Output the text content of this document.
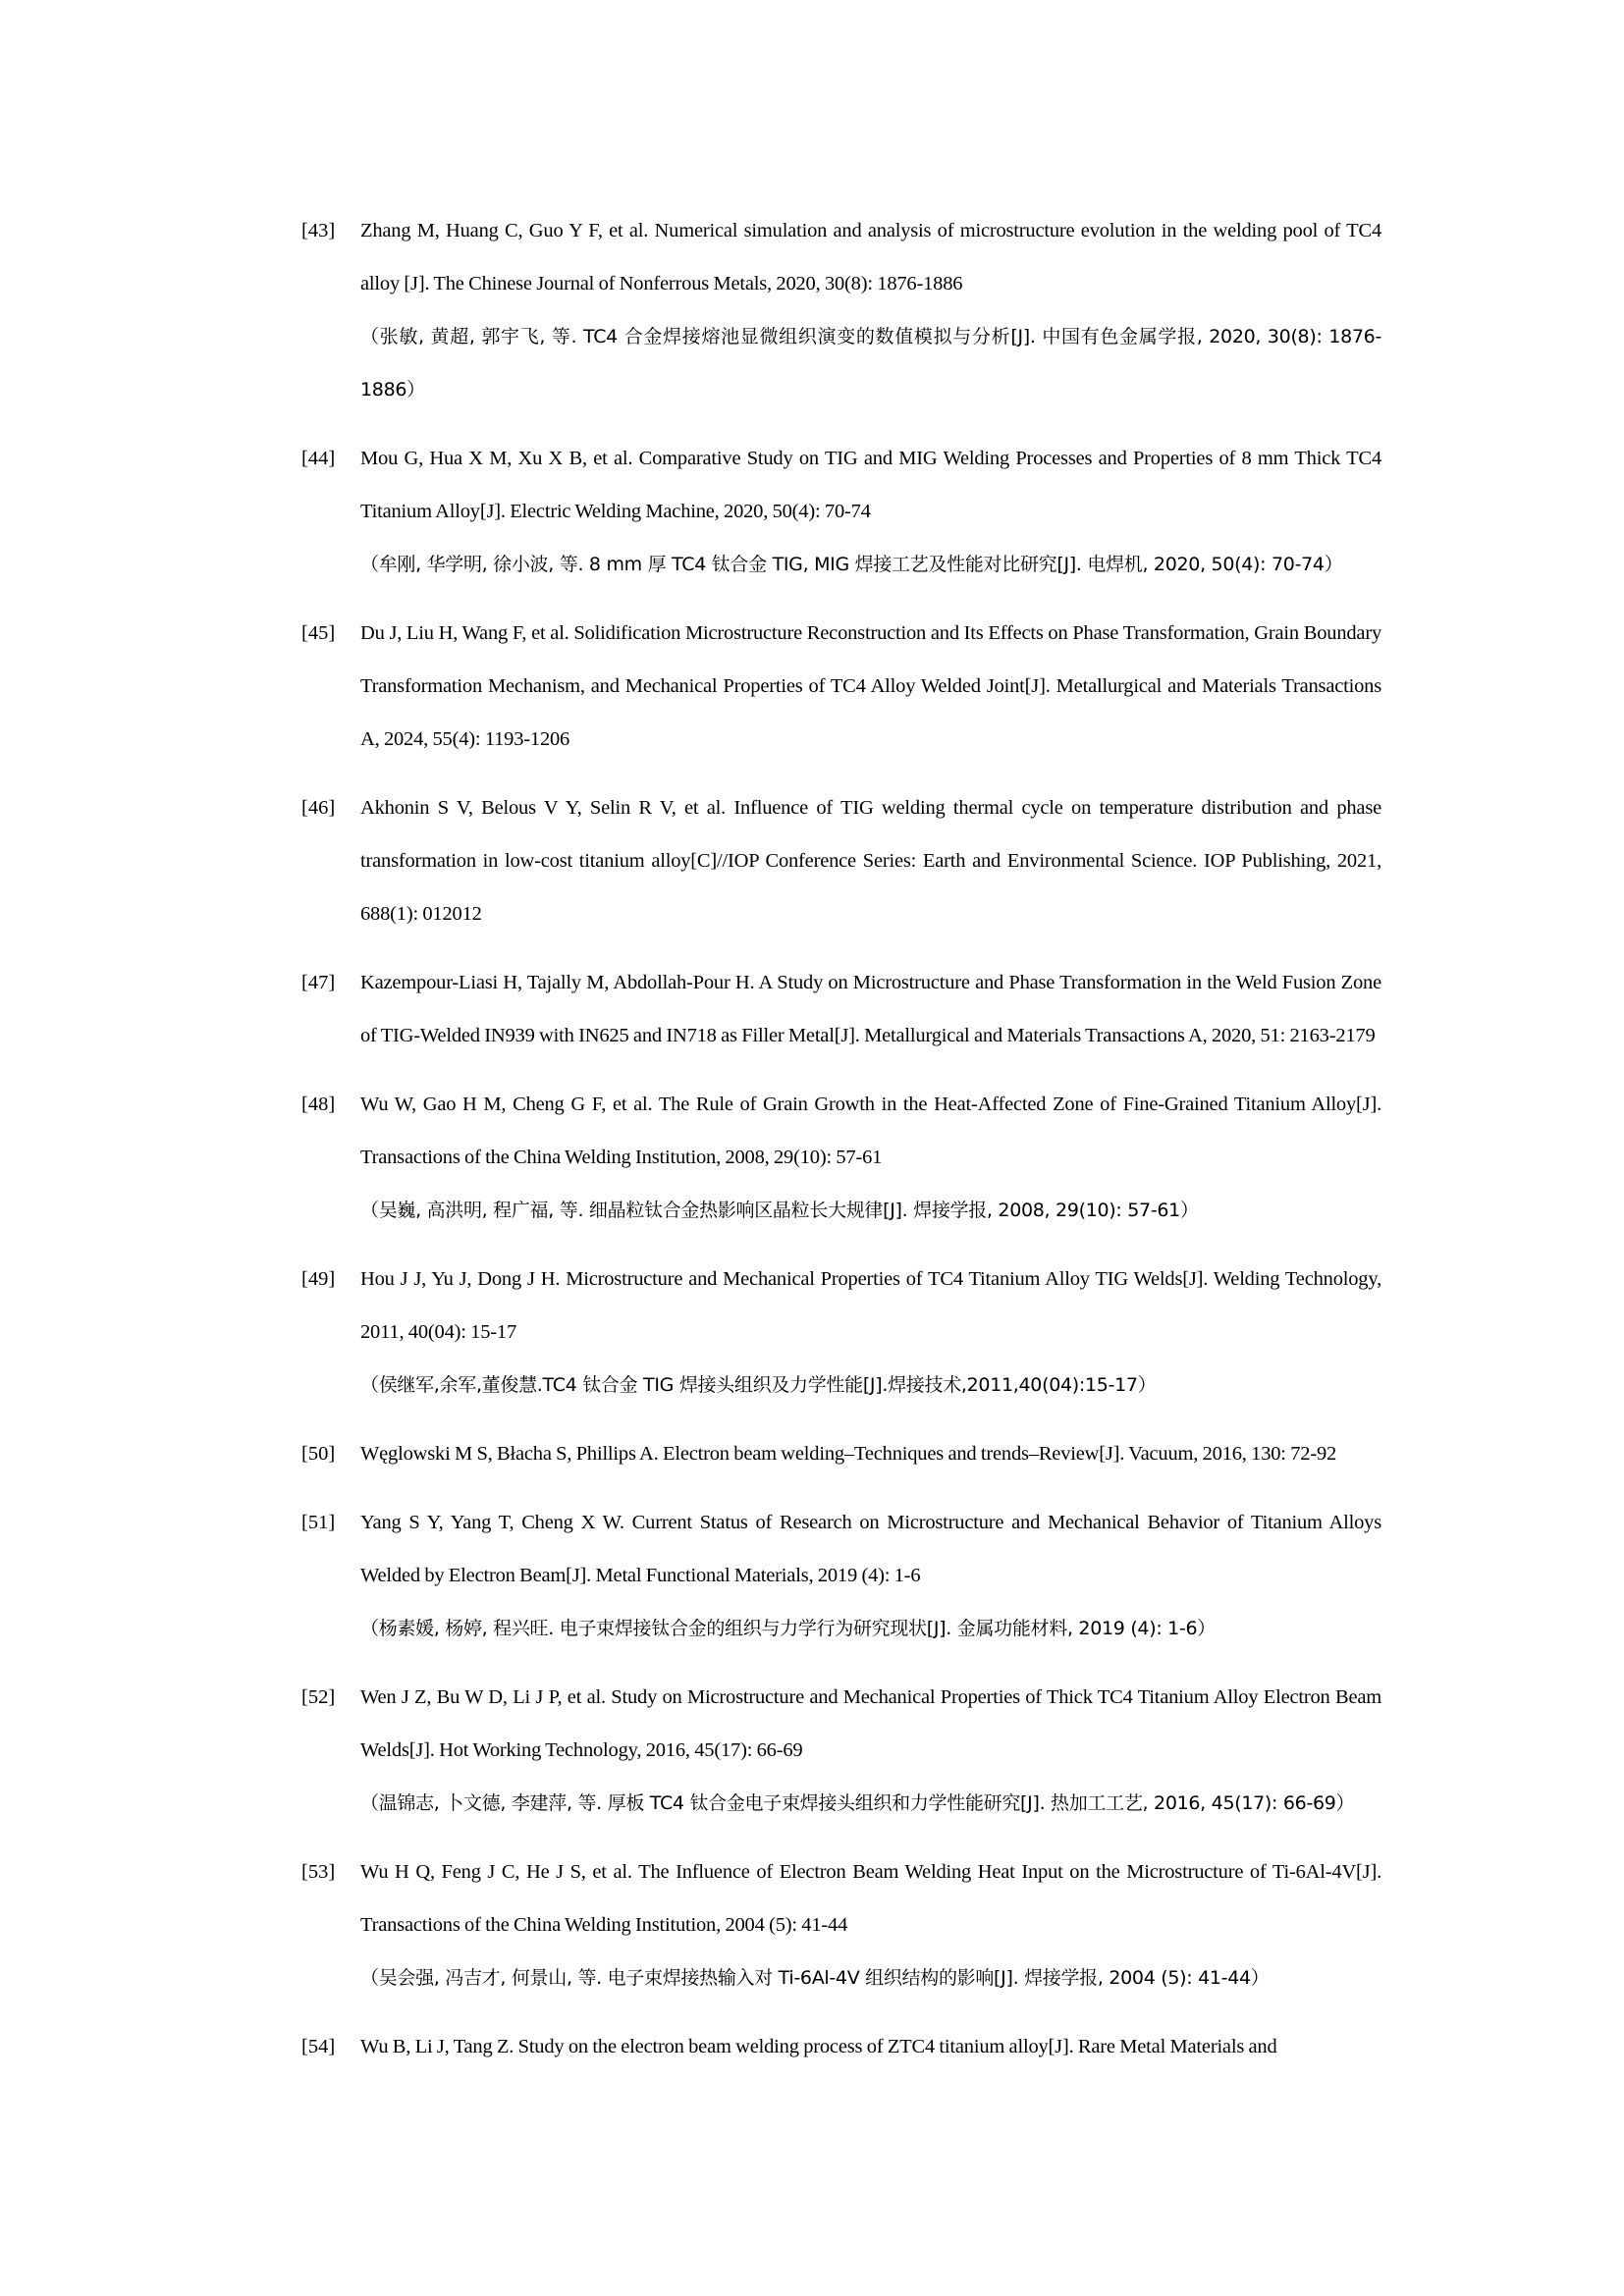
[43]	Zhang M, Huang C, Guo Y F, et al. Numerical simulation and analysis of microstructure evolution in the welding pool of TC4 alloy [J]. The Chinese Journal of Nonferrous Metals, 2020, 30(8): 1876-1886
（张敏, 黄超, 郭宇飞, 等. TC4 合金焊接熔池显微组织演变的数值模拟与分析[J]. 中国有色金属学报, 2020, 30(8): 1876-1886）
[44]	Mou G, Hua X M, Xu X B, et al. Comparative Study on TIG and MIG Welding Processes and Properties of 8 mm Thick TC4 Titanium Alloy[J]. Electric Welding Machine, 2020, 50(4): 70-74
（牟刚, 华学明, 徐小波, 等. 8 mm 厚 TC4 钛合金 TIG, MIG 焊接工艺及性能对比研究[J]. 电焊机, 2020, 50(4): 70-74）
[45]	Du J, Liu H, Wang F, et al. Solidification Microstructure Reconstruction and Its Effects on Phase Transformation, Grain Boundary Transformation Mechanism, and Mechanical Properties of TC4 Alloy Welded Joint[J]. Metallurgical and Materials Transactions A, 2024, 55(4): 1193-1206
[46]	Akhonin S V, Belous V Y, Selin R V, et al. Influence of TIG welding thermal cycle on temperature distribution and phase transformation in low-cost titanium alloy[C]//IOP Conference Series: Earth and Environmental Science. IOP Publishing, 2021, 688(1): 012012
[47]	Kazempour-Liasi H, Tajally M, Abdollah-Pour H. A Study on Microstructure and Phase Transformation in the Weld Fusion Zone of TIG-Welded IN939 with IN625 and IN718 as Filler Metal[J]. Metallurgical and Materials Transactions A, 2020, 51: 2163-2179
[48]	Wu W, Gao H M, Cheng G F, et al. The Rule of Grain Growth in the Heat-Affected Zone of Fine-Grained Titanium Alloy[J]. Transactions of the China Welding Institution, 2008, 29(10): 57-61
（吴巍, 高洪明, 程广福, 等. 细晶粒钛合金热影响区晶粒长大规律[J]. 焊接学报, 2008, 29(10): 57-61）
[49]	Hou J J, Yu J, Dong J H. Microstructure and Mechanical Properties of TC4 Titanium Alloy TIG Welds[J]. Welding Technology, 2011, 40(04): 15-17
（侯继军,余军,董俊慧.TC4 钛合金 TIG 焊接头组织及力学性能[J].焊接技术,2011,40(04):15-17）
[50]	Węglowski M S, Błacha S, Phillips A. Electron beam welding–Techniques and trends–Review[J]. Vacuum, 2016, 130: 72-92
[51]	Yang S Y, Yang T, Cheng X W. Current Status of Research on Microstructure and Mechanical Behavior of Titanium Alloys Welded by Electron Beam[J]. Metal Functional Materials, 2019 (4): 1-6
（杨素媛, 杨婷, 程兴旺. 电子束焊接钛合金的组织与力学行为研究现状[J]. 金属功能材料, 2019 (4): 1-6）
[52]	Wen J Z, Bu W D, Li J P, et al. Study on Microstructure and Mechanical Properties of Thick TC4 Titanium Alloy Electron Beam Welds[J]. Hot Working Technology, 2016, 45(17): 66-69
（温锦志, 卜文德, 李建萍, 等. 厚板 TC4 钛合金电子束焊接头组织和力学性能研究[J]. 热加工工艺, 2016, 45(17): 66-69）
[53]	Wu H Q, Feng J C, He J S, et al. The Influence of Electron Beam Welding Heat Input on the Microstructure of Ti-6Al-4V[J]. Transactions of the China Welding Institution, 2004 (5): 41-44
（吴会强, 冯吉才, 何景山, 等. 电子束焊接热输入对 Ti-6Al-4V 组织结构的影响[J]. 焊接学报, 2004 (5): 41-44）
[54]	Wu B, Li J, Tang Z. Study on the electron beam welding process of ZTC4 titanium alloy[J]. Rare Metal Materials and
